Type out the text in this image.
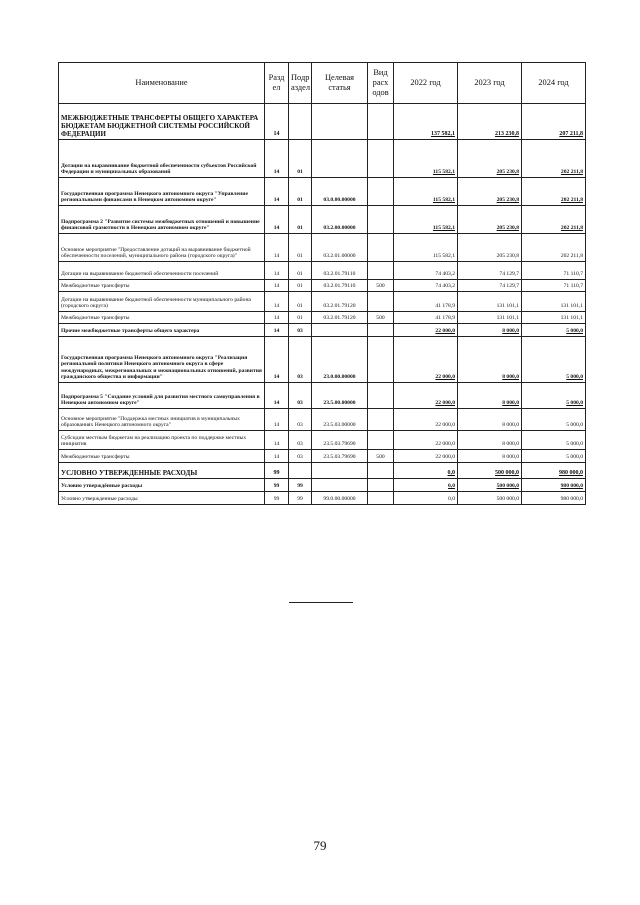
Наименование	Разд ел	Подр аздел	Целевая статья	Вид расх одов	2022 год	2023 год	2024 год
МЕЖБЮДЖЕТНЫЕ ТРАНСФЕРТЫ ОБЩЕГО ХАРАКТЕРА БЮДЖЕТАМ БЮДЖЕТНОЙ СИСТЕМЫ РОССИЙСКОЙ ФЕДЕРАЦИИ	14				137 582,1	213 230,8	207 211,8
Дотации на выравнивание бюджетной обеспеченности субъектов Российской Федерации и муниципальных образований	14	01			115 582,1	205 230,8	202 211,8
Государственная программа Ненецкого автономного округа "Управление региональными финансами в Ненецком автономном округе"	14	01	03.0.00.00000		115 582,1	205 230,8	202 211,8
Подпрограмма 2 "Развитие системы межбюджетных отношений и повышение финансовой грамотности в Ненецком автономном округе"	14	01	03.2.00.00000		115 582,1	205 230,8	202 211,8
Основное мероприятие "Предоставление дотаций на выравнивание бюджетной обеспеченности поселений, муниципального района (городского округа)"	14	01	03.2.01.00000		115 582,1	205 230,8	202 211,8
Дотации на выравнивание бюджетной обеспеченности поселений	14	01	03.2.01.79110		74 403,2	74 129,7	71 110,7
Межбюджетные трансферты	14	01	03.2.01.79110	500	74 403,2	74 129,7	71 110,7
Дотации на выравнивание бюджетной обеспеченности муниципального района (городского округа)	14	01	03.2.01.79120		41 178,9	131 101,1	131 101,1
Межбюджетные трансферты	14	01	03.2.01.79120	500	41 178,9	131 101,1	131 101,1
Прочие межбюджетные трансферты общего характера	14	03			22 000,0	8 000,0	5 000,0
Государственная программа Ненецкого автономного округа "Реализация региональной политики Ненецкого автономного округа в сфере международных, межрегиональных и межнациональных отношений, развития гражданского общества и информации"	14	03	23.0.00.00000		22 000,0	8 000,0	5 000,0
Подпрограмма 5 "Создание условий для развития местного самоуправления в Ненецком автономном округе"	14	03	23.5.00.00000		22 000,0	8 000,0	5 000,0
Основное мероприятие "Поддержка местных инициатив в муниципальных образованиях Ненецкого автономного округа"	14	03	23.5.03.00000		22 000,0	8 000,0	5 000,0
Субсидии местным бюджетам на реализацию проекта по поддержке местных инициатив	14	03	23.5.03.79690		22 000,0	8 000,0	5 000,0
Межбюджетные трансферты	14	03	23.5.03.79690	500	22 000,0	8 000,0	5 000,0
УСЛОВНО УТВЕРЖДЕННЫЕ РАСХОДЫ	99				0,0	500 000,0	980 000,0
Условно утверждённые расходы	99	99			0,0	500 000,0	980 000,0
Условно утвержденные расходы	99	99	99.0.00.00000		0,0	500 000,0	980 000,0
79
